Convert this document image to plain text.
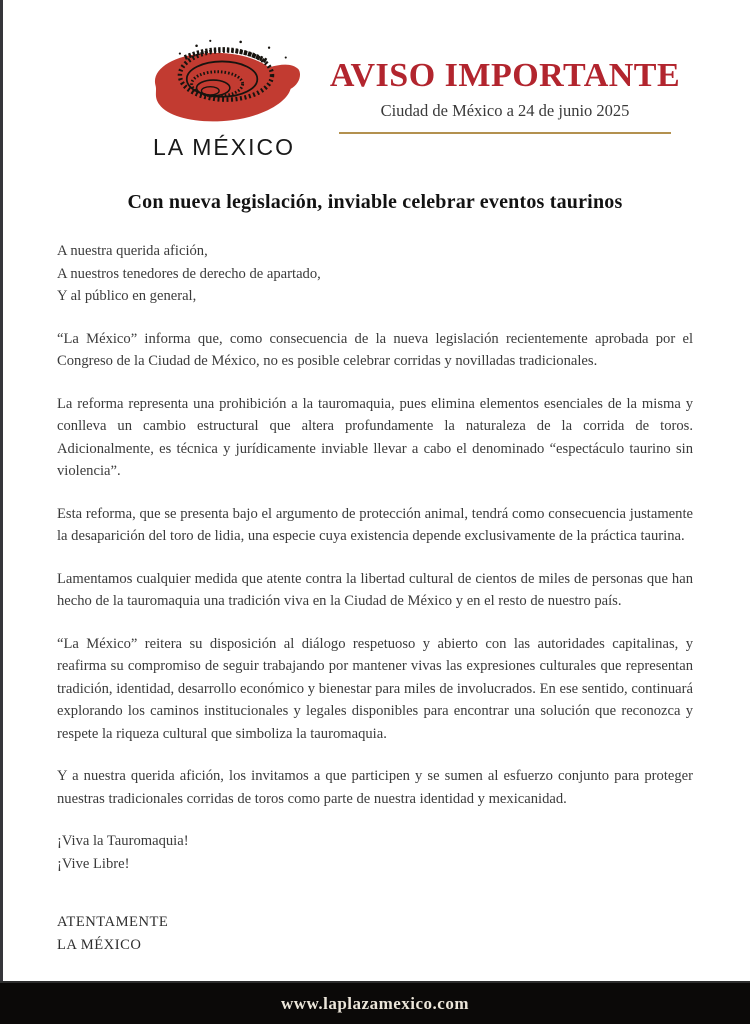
LA MÉXICO
AVISO IMPORTANTE
Ciudad de México a 24 de junio 2025
Con nueva legislación, inviable celebrar eventos taurinos

A nuestra querida afición,

A nuestros tenedores de derecho de apartado,

Y al público en general,

“La México” informa que, como consecuencia de la nueva legislación recientemente aprobada por el Congreso de la Ciudad de México, no es posible celebrar corridas y novilladas tradicionales.

La reforma representa una prohibición a la tauromaquia, pues elimina elementos esenciales de la misma y conlleva un cambio estructural que altera profundamente la naturaleza de la corrida de toros. Adicionalmente, es técnica y jurídicamente inviable llevar a cabo el denominado “espectáculo taurino sin violencia”.

Esta reforma, que se presenta bajo el argumento de protección animal, tendrá como consecuencia justamente la desaparición del toro de lidia, una especie cuya existencia depende exclusivamente de la práctica taurina.

Lamentamos cualquier medida que atente contra la libertad cultural de cientos de miles de personas que han hecho de la tauromaquia una tradición viva en la Ciudad de México y en el resto de nuestro país.

“La México” reitera su disposición al diálogo respetuoso y abierto con las autoridades capitalinas, y reafirma su compromiso de seguir trabajando por mantener vivas las expresiones culturales que representan tradición, identidad, desarrollo económico y bienestar para miles de involucrados. En ese sentido, continuará explorando los caminos institucionales y legales disponibles para encontrar una solución que reconozca y respete la riqueza cultural que simboliza la tauromaquia.

Y a nuestra querida afición, los invitamos a que participen y se sumen al esfuerzo conjunto para proteger nuestras tradicionales corridas de toros como parte de nuestra identidad y mexicanidad.

¡Viva la Tauromaquia!

¡Vive Libre!

ATENTAMENTE

LA MÉXICO

www.laplazamexico.com
